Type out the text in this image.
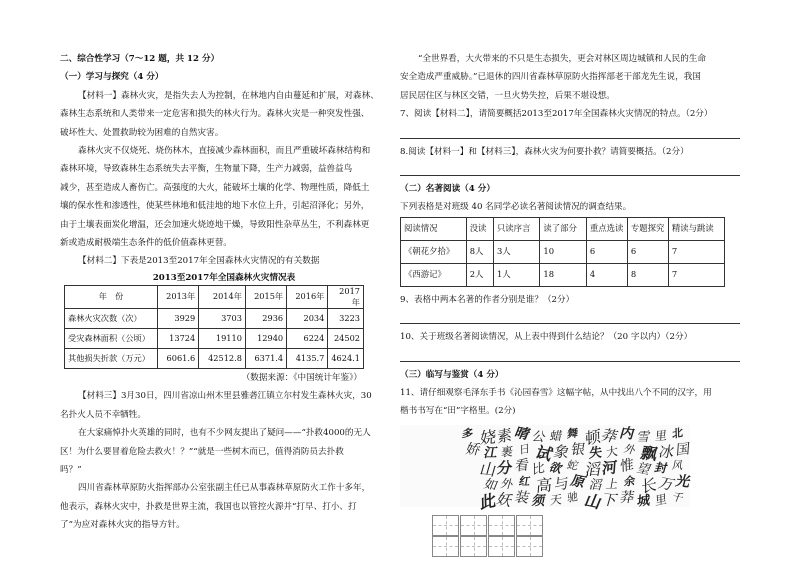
二、综合性学习（7～12 题，共 12 分）

（一）学习与探究（4 分）

【材料一】森林火灾，是指失去人为控制，在林地内自由蔓延和扩展，对森林、

森林生态系统和人类带来一定危害和损失的林火行为。森林火灾是一种突发性强、

破坏性大、处置救助较为困难的自然灾害。

森林火灾不仅烧死、烧伤林木，直接减少森林面积，而且严重破坏森林结构和

森林环境，导致森林生态系统失去平衡，生物量下降，生产力减弱，益兽益鸟

减少，甚至造成人畜伤亡。高强度的大火，能破坏土壤的化学、物理性质，降低土

壤的保水性和渗透性，使某些林地和低洼地的地下水位上升，引起沼泽化；另外，

由于土壤表面炭化增温，还会加速火烧迹地干燥，导致阳性杂草丛生，不利森林更

新或造成耐极端生态条件的低价值森林更替。

【材料二】下表是2013至2017年全国森林火灾情况的有关数据

2013至2017年全国森林火灾情况表

年　份	2013年	2014年	2015年	2016年	2017年
森林火灾次数（次）	3929	3703	2936	2034	3223
受灾森林面积（公顷）	13724	19110	12940	6224	24502
其他损失折款（万元）	6061.6	42512.8	6371.4	4135.7	4624.1

（数据来源：《中国统计年鉴》）

【材料三】3月30日，四川省凉山州木里县雅砻江镇立尔村发生森林火灾，30

名扑火人员不幸牺牲。

在大家痛悼扑火英雄的同时，也有不少网友提出了疑问——“扑救4000的无人

区！为什么要冒着危险去救火！？”“就是一些树木而已，值得消防员去扑救

吗？”

四川省森林草原防火指挥部办公室张副主任已从事森林草原防火工作十多年，

他表示，森林火灾中，扑救是世界主流，我国也以管控火源并“打早、打小、打

了”为应对森林火灾的指导方针。

“全世界看，大火带来的不只是生态损失，更会对林区周边城镇和人民的生命

安全造成严重威胁。”已退休的四川省森林草原防火指挥部老干部龙先生说，我国

居民居住区与林区交错，一旦火势失控，后果不堪设想。

7、阅读【材料二】，请简要概括2013至2017年全国森林火灾情况的特点。（2分）

8.阅读【材料一】和【材料三】，森林火灾为何要扑救？请简要概括。（2分）

（二）名著阅读（4 分）

下列表格是对班级 40 名同学必读名著阅读情况的调查结果。

阅读情况	没读	只读序言	读了部分	重点选读	专题探究	精读与跳读
《朝花夕拾》	8人	3人	10	6	6	7
《西游记》	2人	1人	18	4	8	7

9、表格中两本名著的作者分别是谁？（2分）

10、关于班级名著阅读情况，从上表中得到什么结论？（20 字以内）（2分）

（三）临写与鉴赏（4 分）

11、请仔细观察毛泽东手书《沁园春雪》这幅字帖，从中找出八个不同的汉字，用

楷书书写在“田”字格里。(2分)

北
国
风
光
千
里
冰
封
万
里
雪
飘
望
长
城
内
外
惟
余
莽
莽
大
河
上
下
顿
失
滔
滔
山
舞
银
蛇
原
驰
蜡
象
欲
与
天
公
试
比
高
须
晴
日
看
红
装
素
裹
分
外
妖
娆
江
山
如
此
多
娇
